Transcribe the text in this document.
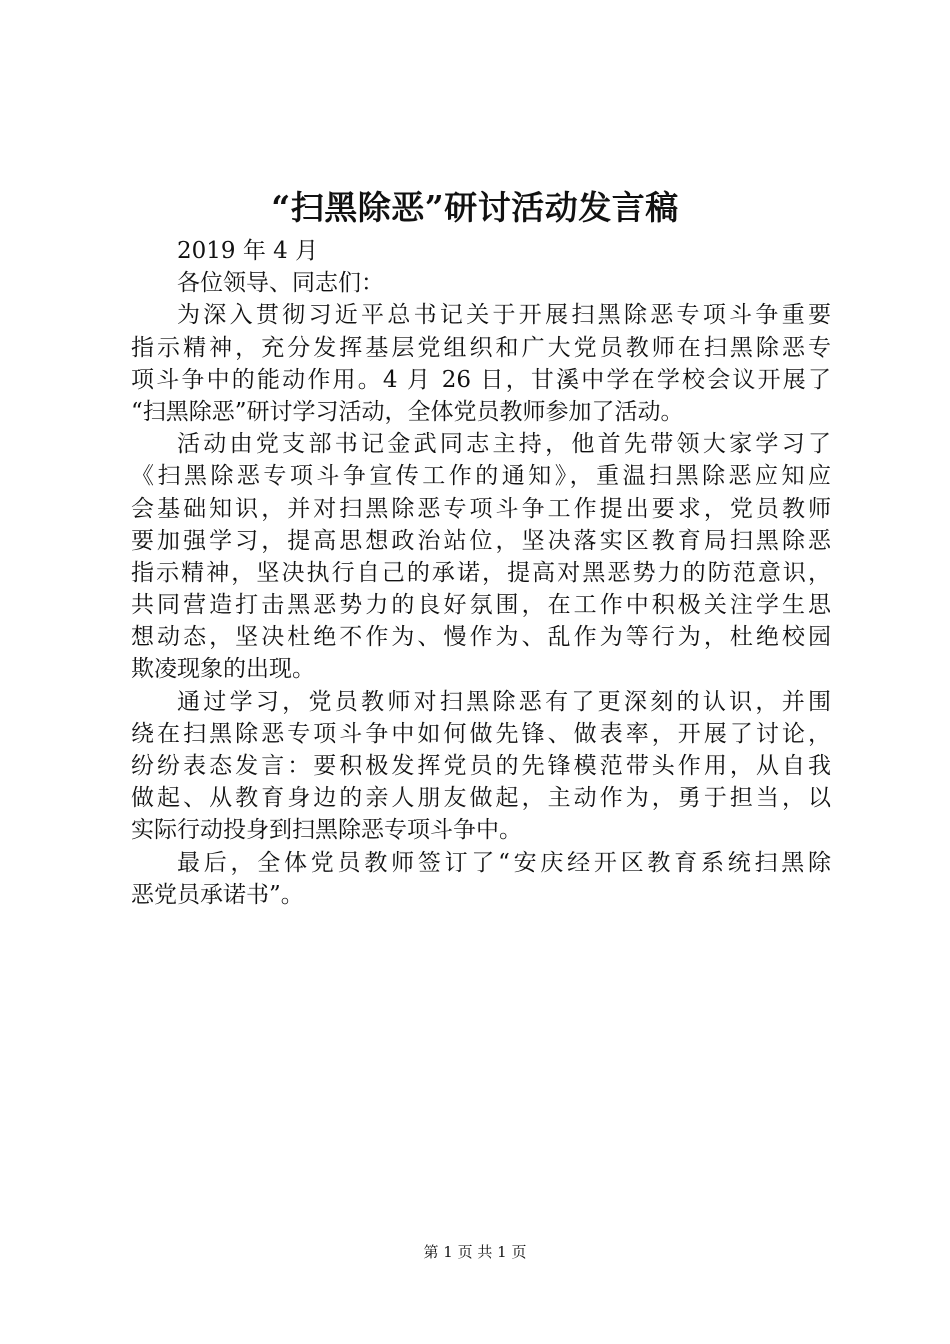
“扫黑除恶”研讨活动发言稿

2019 年 4 月

各位领导、同志们：

为深入贯彻习近平总书记关于开展扫黑除恶专项斗争重要

指示精神，充分发挥基层党组织和广大党员教师在扫黑除恶专

项斗争中的能动作用。4 月 26 日，甘溪中学在学校会议开展了

“扫黑除恶”研讨学习活动，全体党员教师参加了活动。

活动由党支部书记金武同志主持，他首先带领大家学习了

《扫黑除恶专项斗争宣传工作的通知》，重温扫黑除恶应知应

会基础知识，并对扫黑除恶专项斗争工作提出要求，党员教师

要加强学习，提高思想政治站位，坚决落实区教育局扫黑除恶

指示精神，坚决执行自己的承诺，提高对黑恶势力的防范意识，

共同营造打击黑恶势力的良好氛围，在工作中积极关注学生思

想动态，坚决杜绝不作为、慢作为、乱作为等行为，杜绝校园

欺凌现象的出现。

通过学习，党员教师对扫黑除恶有了更深刻的认识，并围

绕在扫黑除恶专项斗争中如何做先锋、做表率，开展了讨论，

纷纷表态发言：要积极发挥党员的先锋模范带头作用，从自我

做起、从教育身边的亲人朋友做起，主动作为，勇于担当，以

实际行动投身到扫黑除恶专项斗争中。

最后，全体党员教师签订了“安庆经开区教育系统扫黑除

恶党员承诺书”。

第 1 页 共 1 页
